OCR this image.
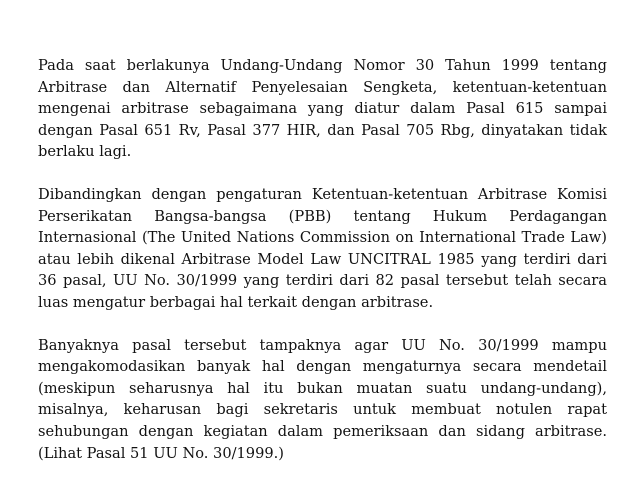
Pada saat berlakunya Undang-Undang Nomor 30 Tahun 1999 tentang Arbitrase dan Alternatif Penyelesaian Sengketa, ketentuan-ketentuan mengenai arbitrase sebagaimana yang diatur dalam Pasal 615 sampai dengan Pasal 651 Rv, Pasal 377 HIR, dan Pasal 705 Rbg, dinyatakan tidak berlaku lagi.

Dibandingkan dengan pengaturan Ketentuan-ketentuan Arbitrase Komisi Perserikatan Bangsa-bangsa (PBB) tentang Hukum Perdagangan Internasional (The United Nations Commission on International Trade Law) atau lebih dikenal Arbitrase Model Law UNCITRAL 1985 yang terdiri dari 36 pasal, UU No. 30/1999 yang terdiri dari 82 pasal tersebut telah secara luas mengatur berbagai hal terkait dengan arbitrase.

Banyaknya pasal tersebut tampaknya agar UU No. 30/1999 mampu mengakomodasikan banyak hal dengan mengaturnya secara mendetail (meskipun seharusnya hal itu bukan muatan suatu undang-undang), misalnya, keharusan bagi sekretaris untuk membuat notulen rapat sehubungan dengan kegiatan dalam pemeriksaan dan sidang arbitrase. (Lihat Pasal 51 UU No. 30/1999.)
